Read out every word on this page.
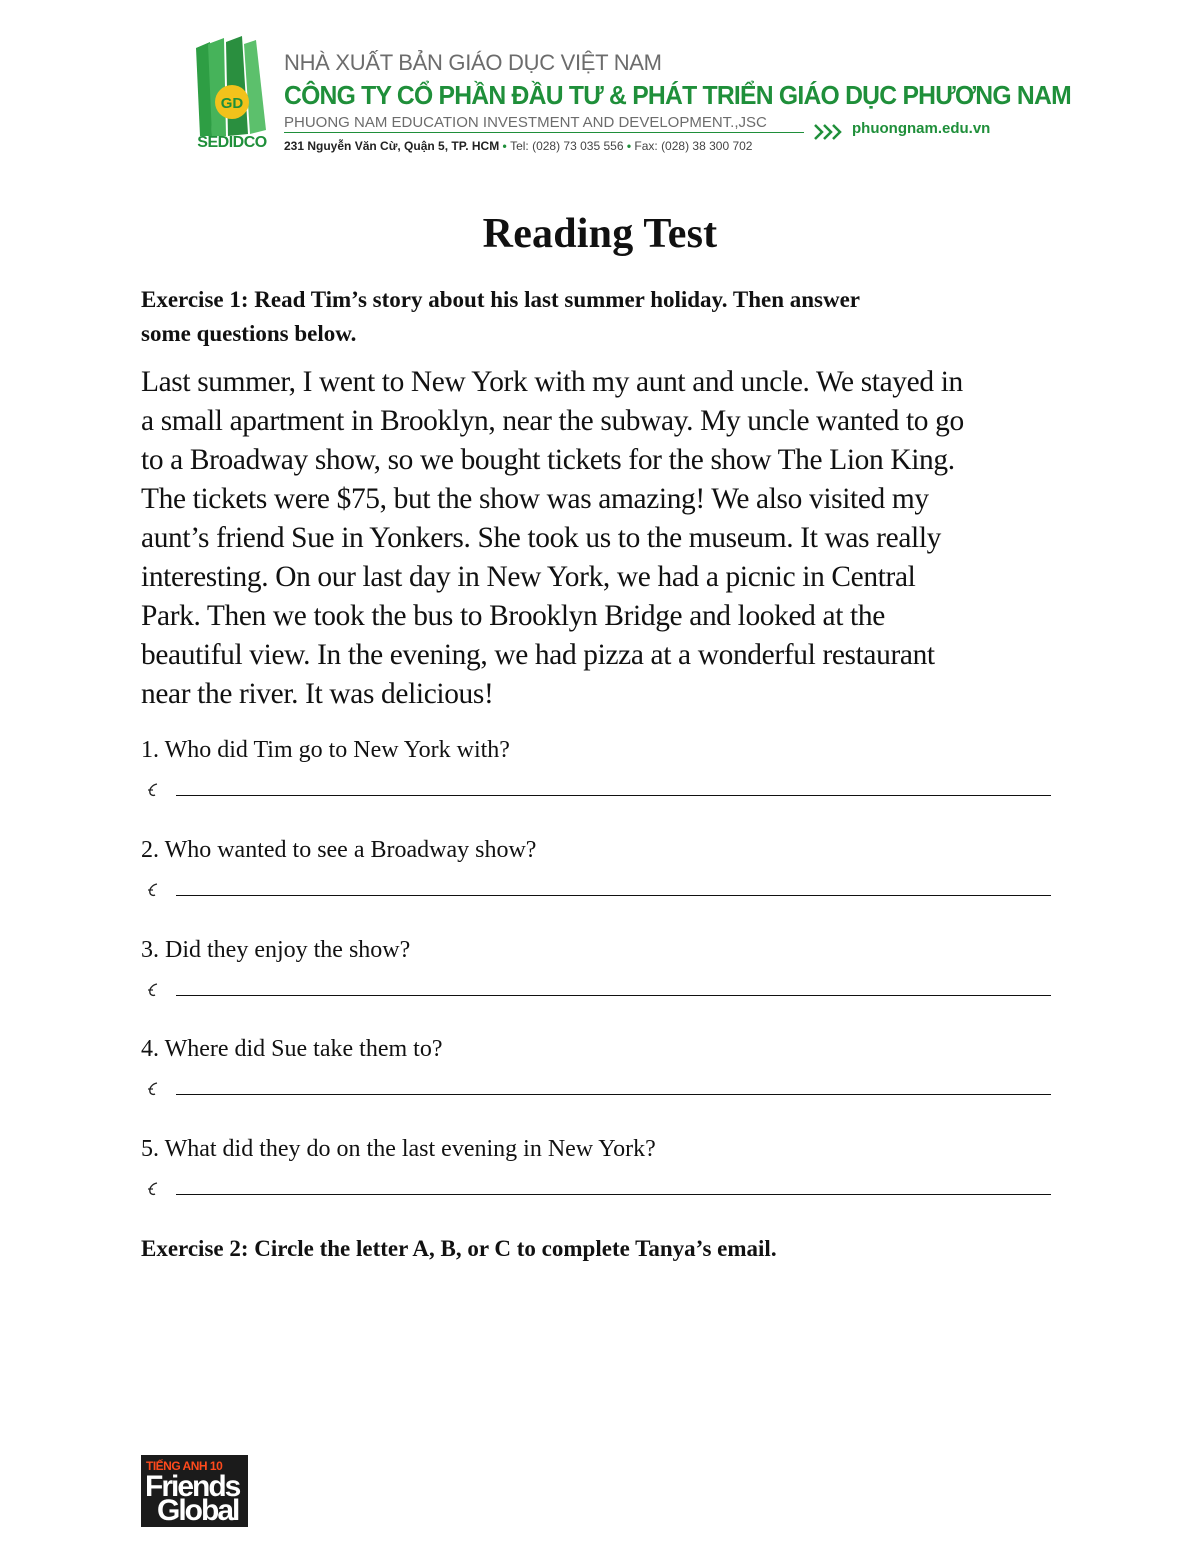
GD
SEDIDCO
NHÀ XUẤT BẢN GIÁO DỤC VIỆT NAM
CÔNG TY CỔ PHẦN ĐẦU TƯ & PHÁT TRIỂN GIÁO DỤC PHƯƠNG NAM
PHUONG NAM EDUCATION INVESTMENT AND DEVELOPMENT.,JSC
231 Nguyễn Văn Cừ, Quận 5, TP. HCM • Tel: (028) 73 035 556 • Fax: (028) 38 300 702
phuongnam.edu.vn
Reading Test
Exercise 1: Read Tim’s story about his last summer holiday. Then answer
some questions below.
Last summer, I went to New York with my aunt and uncle. We stayed in
a small apartment in Brooklyn, near the subway. My uncle wanted to go
to a Broadway show, so we bought tickets for the show The Lion King.
The tickets were $75, but the show was amazing! We also visited my
aunt’s friend Sue in Yonkers. She took us to the museum. It was really
interesting. On our last day in New York, we had a picnic in Central
Park. Then we took the bus to Brooklyn Bridge and looked at the
beautiful view. In the evening, we had pizza at a wonderful restaurant
near the river. It was delicious!
1. Who did Tim go to New York with?
2. Who wanted to see a Broadway show?
3. Did they enjoy the show?
4. Where did Sue take them to?
5. What did they do on the last evening in New York?
Exercise 2: Circle the letter A, B, or C to complete Tanya’s email.
TIẾNG ANH 10
Friends
Global
